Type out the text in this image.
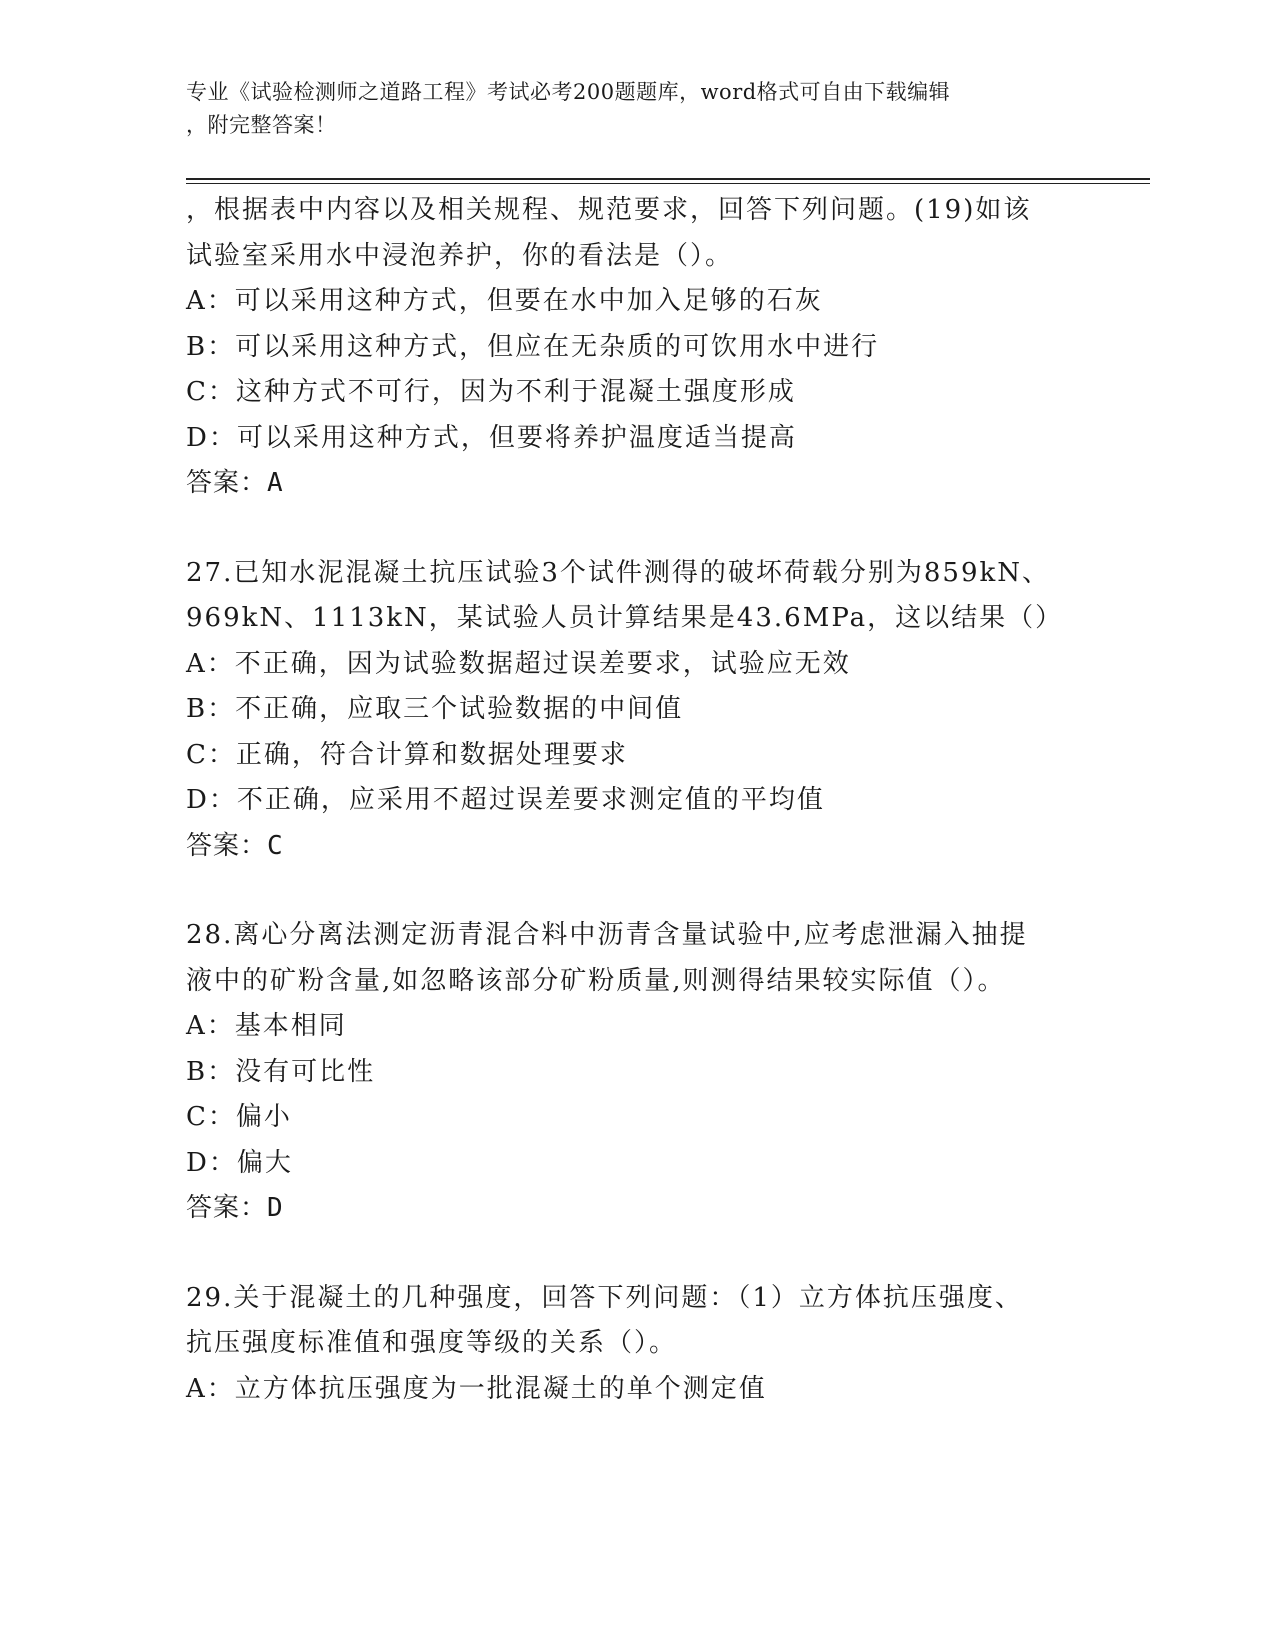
专业《试验检测师之道路工程》考试必考200题题库，word格式可自由下载编辑
，附完整答案！
，根据表中内容以及相关规程、规范要求，回答下列问题。(19)如该
试验室采用水中浸泡养护，你的看法是（）。
A：可以采用这种方式，但要在水中加入足够的石灰
B：可以采用这种方式，但应在无杂质的可饮用水中进行
C：这种方式不可行，因为不利于混凝土强度形成
D：可以采用这种方式，但要将养护温度适当提高
答案：A
27.已知水泥混凝土抗压试验3个试件测得的破坏荷载分别为859kN、
969kN、1113kN，某试验人员计算结果是43.6MPa，这以结果（）
A：不正确，因为试验数据超过误差要求，试验应无效
B：不正确，应取三个试验数据的中间值
C：正确，符合计算和数据处理要求
D：不正确，应采用不超过误差要求测定值的平均值
答案：C
28.离心分离法测定沥青混合料中沥青含量试验中,应考虑泄漏入抽提
液中的矿粉含量,如忽略该部分矿粉质量,则测得结果较实际值（）。
A：基本相同
B：没有可比性
C：偏小
D：偏大
答案：D
29.关于混凝土的几种强度，回答下列问题：（1）立方体抗压强度、
抗压强度标准值和强度等级的关系（）。
A：立方体抗压强度为一批混凝土的单个测定值
